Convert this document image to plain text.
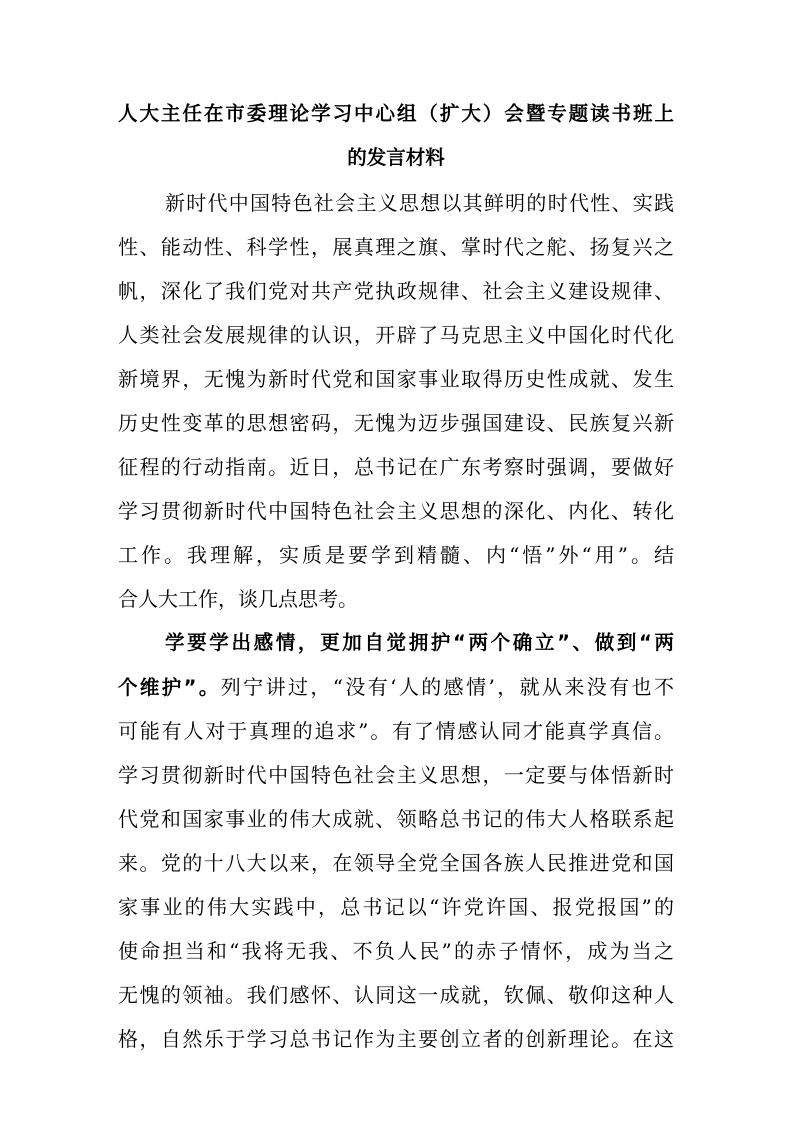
人大主任在市委理论学习中心组（扩大）会暨专题读书班上
的发言材料

新时代中国特色社会主义思想以其鲜明的时代性、实践

性、能动性、科学性，展真理之旗、掌时代之舵、扬复兴之

帆，深化了我们党对共产党执政规律、社会主义建设规律、

人类社会发展规律的认识，开辟了马克思主义中国化时代化

新境界，无愧为新时代党和国家事业取得历史性成就、发生

历史性变革的思想密码，无愧为迈步强国建设、民族复兴新

征程的行动指南。近日，总书记在广东考察时强调，要做好

学习贯彻新时代中国特色社会主义思想的深化、内化、转化

工作。我理解，实质是要学到精髓、内“悟”外“用”。结

合人大工作，谈几点思考。

学要学出感情，更加自觉拥护“两个确立”、做到“两

个维护”。列宁讲过，“没有‘人的感情’，就从来没有也不

可能有人对于真理的追求”。有了情感认同才能真学真信。

学习贯彻新时代中国特色社会主义思想，一定要与体悟新时

代党和国家事业的伟大成就、领略总书记的伟大人格联系起

来。党的十八大以来，在领导全党全国各族人民推进党和国

家事业的伟大实践中，总书记以“许党许国、报党报国”的

使命担当和“我将无我、不负人民”的赤子情怀，成为当之

无愧的领袖。我们感怀、认同这一成就，钦佩、敬仰这种人

格，自然乐于学习总书记作为主要创立者的创新理论。在这
